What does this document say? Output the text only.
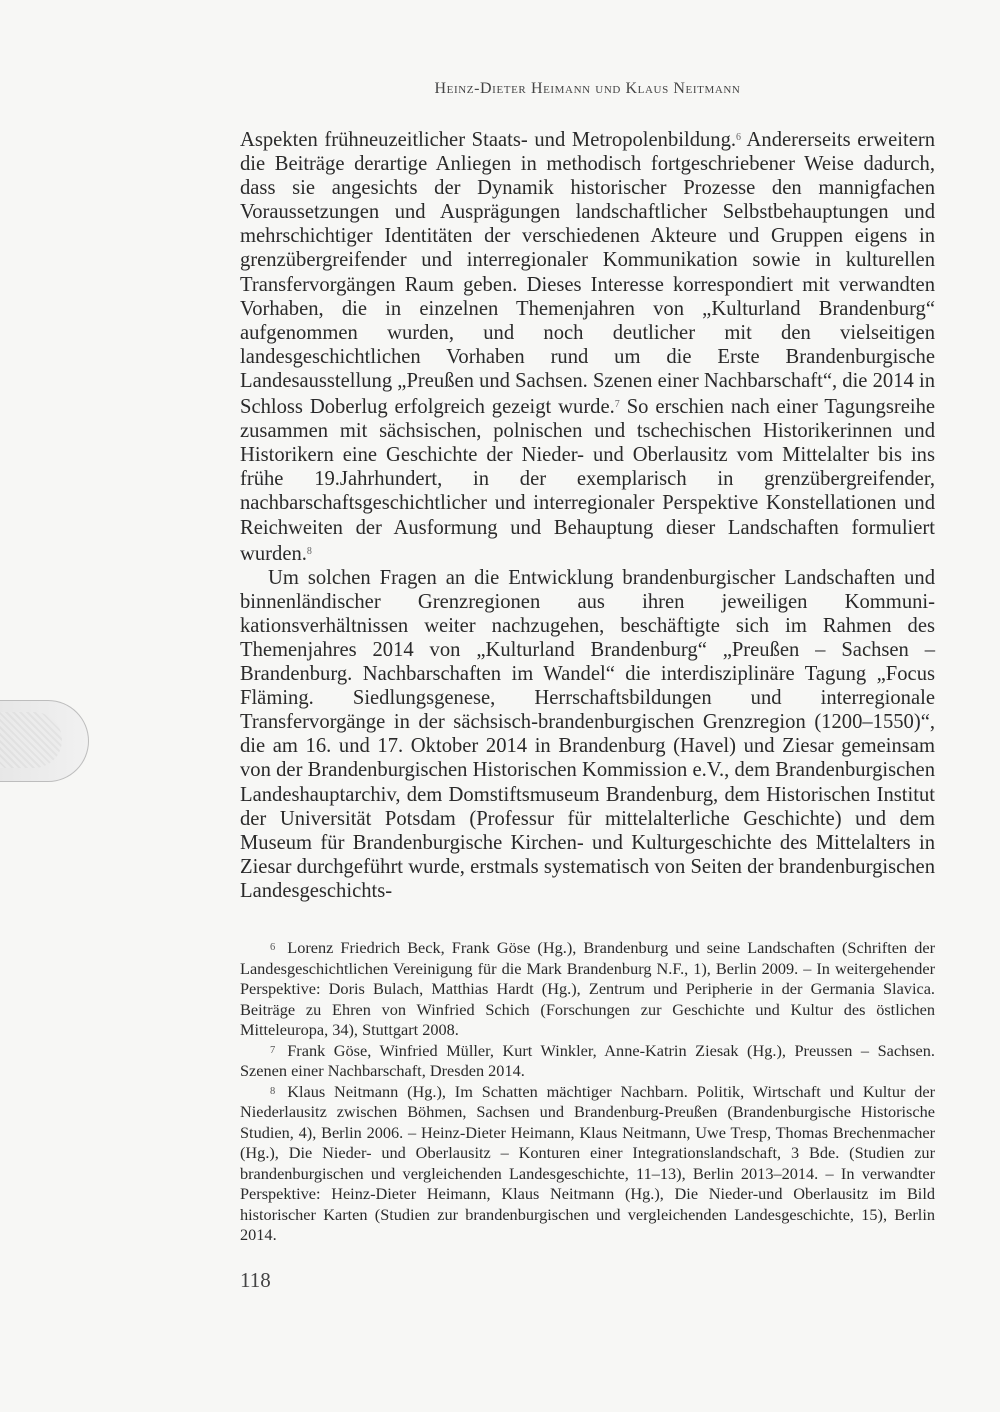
Heinz-Dieter Heimann und Klaus Neitmann

Aspekten frühneuzeitlicher Staats- und Metropolenbildung.$^6$ Andererseits erweitern die Beiträge derartige Anliegen in methodisch fortgeschriebener Weise dadurch, dass sie angesichts der Dynamik historischer Prozesse den mannigfachen Voraussetzungen und Ausprägungen landschaftlicher Selbstbehauptungen und mehrschichtiger Identitäten der verschiedenen Akteure und Gruppen eigens in grenzübergreifender und interregionaler Kommunikation sowie in kulturellen Transfervorgängen Raum geben. Dieses Interesse korrespondiert mit verwandten Vorhaben, die in einzelnen Themenjahren von „Kulturland Brandenburg“ aufgenommen wurden, und noch deutlicher mit den vielseitigen landesgeschichtlichen Vorhaben rund um die Erste Brandenburgische Landesausstellung „Preußen und Sachsen. Szenen einer Nachbarschaft“, die 2014 in Schloss Doberlug erfolgreich gezeigt wurde.$^7$ So erschien nach einer Tagungsreihe zusammen mit sächsischen, polnischen und tschechischen Historikerinnen und Historikern eine Geschichte der Nieder- und Oberlausitz vom Mittelalter bis ins frühe 19.Jahrhundert, in der exemplarisch in grenzübergreifender, nachbarschaftsgeschichtlicher und interregionaler Perspektive Konstellationen und Reichweiten der Ausformung und Behauptung dieser Landschaften formuliert wurden.$^8$

Um solchen Fragen an die Entwicklung brandenburgischer Landschaften und binnenländischer Grenzregionen aus ihren jeweiligen Kommunikationsverhältnissen weiter nachzugehen, beschäftigte sich im Rahmen des Themenjahres 2014 von „Kulturland Brandenburg“ „Preußen – Sachsen – Brandenburg. Nachbarschaften im Wandel“ die interdisziplinäre Tagung „Focus Fläming. Siedlungsgenese, Herrschaftsbildungen und interregionale Transfervorgänge in der sächsisch-brandenburgischen Grenzregion (1200–1550)“, die am 16. und 17. Oktober 2014 in Brandenburg (Havel) und Ziesar gemeinsam von der Brandenburgischen Historischen Kommission e.V., dem Brandenburgischen Landeshauptarchiv, dem Domstiftsmuseum Brandenburg, dem Historischen Institut der Universität Potsdam (Professur für mittelalterliche Geschichte) und dem Museum für Brandenburgische Kirchen- und Kulturgeschichte des Mittelalters in Ziesar durchgeführt wurde, erstmals systematisch von Seiten der brandenburgischen Landesgeschichts-

6 Lorenz Friedrich Beck, Frank Göse (Hg.), Brandenburg und seine Landschaften (Schriften der Landesgeschichtlichen Vereinigung für die Mark Brandenburg N.F., 1), Berlin 2009. – In weitergehender Perspektive: Doris Bulach, Matthias Hardt (Hg.), Zentrum und Peripherie in der Germania Slavica. Beiträge zu Ehren von Winfried Schich (Forschungen zur Geschichte und Kultur des östlichen Mitteleuropa, 34), Stuttgart 2008.

7 Frank Göse, Winfried Müller, Kurt Winkler, Anne-Katrin Ziesak (Hg.), Preussen – Sachsen. Szenen einer Nachbarschaft, Dresden 2014.

8 Klaus Neitmann (Hg.), Im Schatten mächtiger Nachbarn. Politik, Wirtschaft und Kultur der Niederlausitz zwischen Böhmen, Sachsen und Brandenburg-Preußen (Brandenburgische Historische Studien, 4), Berlin 2006. – Heinz-Dieter Heimann, Klaus Neitmann, Uwe Tresp, Thomas Brechenmacher (Hg.), Die Nieder- und Oberlausitz – Konturen einer Integrationslandschaft, 3 Bde. (Studien zur brandenburgischen und vergleichenden Landesgeschichte, 11–13), Berlin 2013–2014. – In verwandter Perspektive: Heinz-Dieter Heimann, Klaus Neitmann (Hg.), Die Nieder-und Oberlausitz im Bild historischer Karten (Studien zur brandenburgischen und vergleichenden Landesgeschichte, 15), Berlin 2014.

118
